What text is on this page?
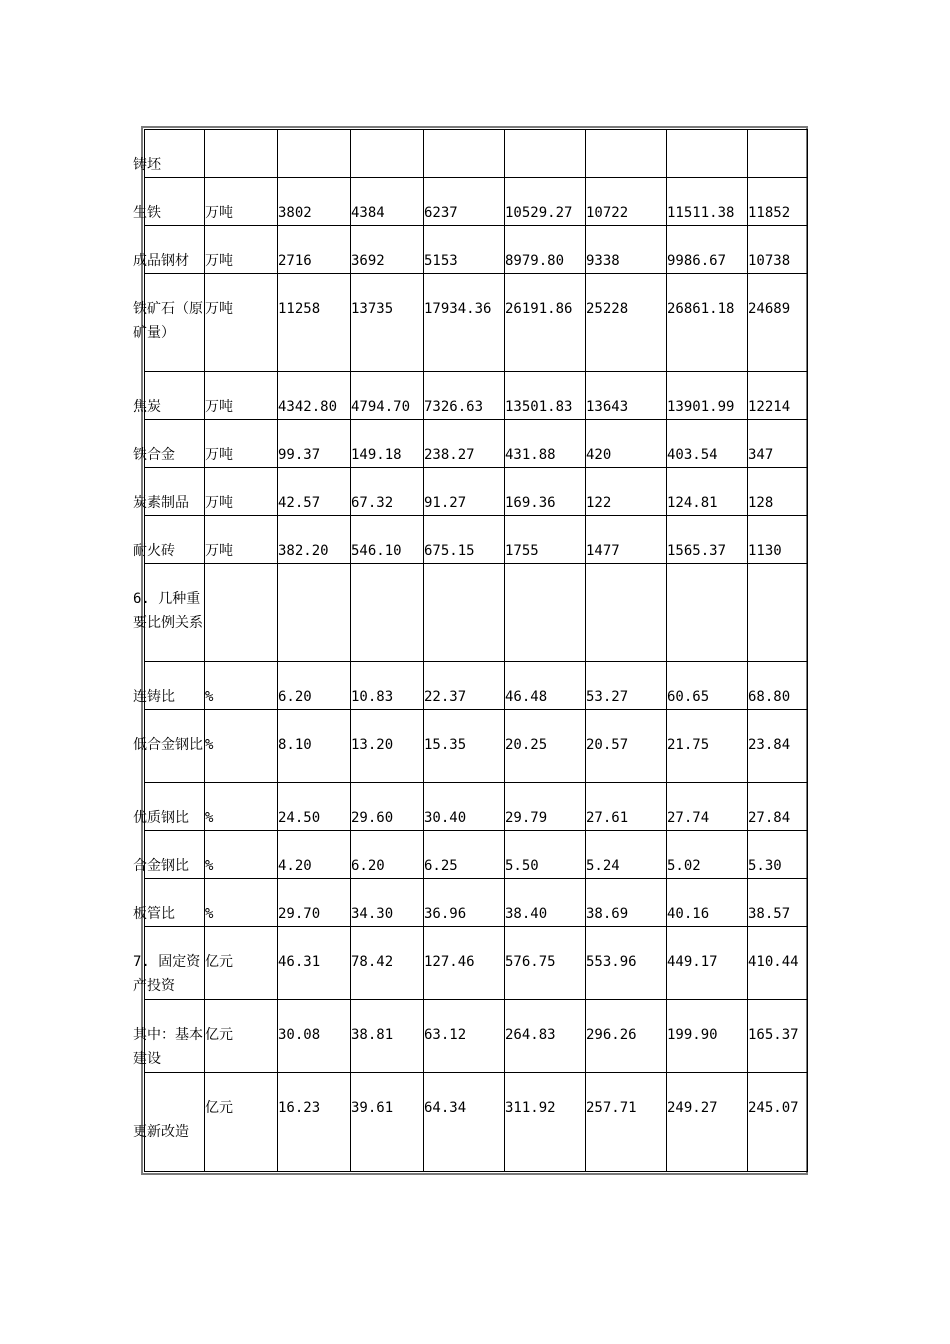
铸坯								

生铁	万吨	3802	4384	6237	10529.27	10722	11511.38	11852

成品钢材	万吨	2716	3692	5153	8979.80	9338	9986.67	10738

铁矿石（原矿量）	万吨	11258	13735	17934.36	26191.86	25228	26861.18	24689

焦炭	万吨	4342.80	4794.70	7326.63	13501.83	13643	13901.99	12214

铁合金	万吨	99.37	149.18	238.27	431.88	420	403.54	347

炭素制品	万吨	42.57	67.32	91.27	169.36	122	124.81	128

耐火砖	万吨	382.20	546.10	675.15	1755	1477	1565.37	1130

6. 几种重要比例关系								

连铸比	%	6.20	10.83	22.37	46.48	53.27	60.65	68.80

低合金钢比	%	8.10	13.20	15.35	20.25	20.57	21.75	23.84

优质钢比	%	24.50	29.60	30.40	29.79	27.61	27.74	27.84

合金钢比	%	4.20	6.20	6.25	5.50	5.24	5.02	5.30

板管比	%	29.70	34.30	36.96	38.40	38.69	40.16	38.57

7. 固定资产投资	亿元	46.31	78.42	127.46	576.75	553.96	449.17	410.44

其中：基本建设	亿元	30.08	38.81	63.12	264.83	296.26	199.90	165.37

更新改造	亿元	16.23	39.61	64.34	311.92	257.71	249.27	245.07
